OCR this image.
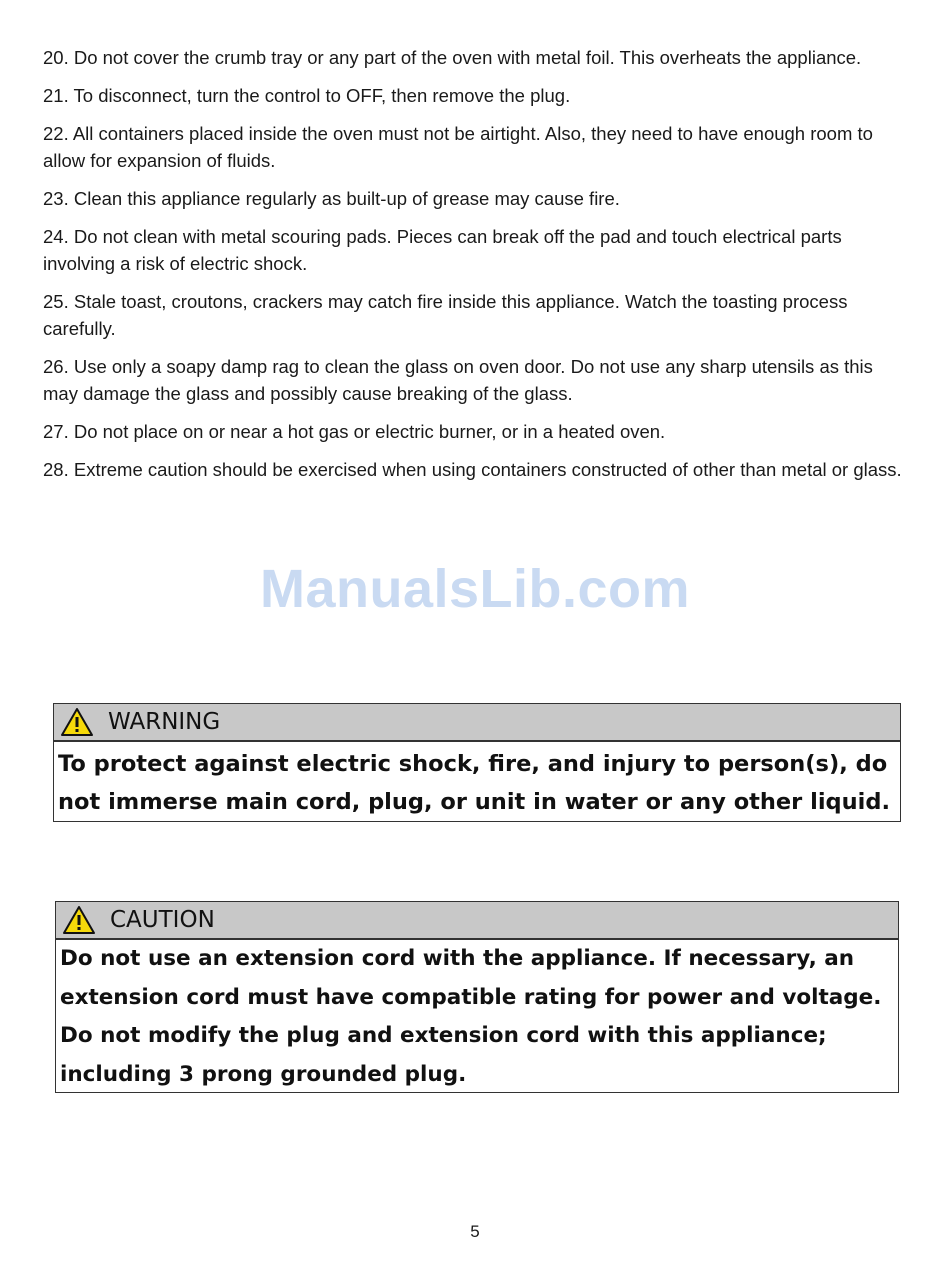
20. Do not cover the crumb tray or any part of the oven with metal foil. This overheats the appliance.

21. To disconnect, turn the control to OFF, then remove the plug.

22. All containers placed inside the oven must not be airtight. Also, they need to have enough room to allow for expansion of fluids.

23. Clean this appliance regularly as built-up of grease may cause fire.

24. Do not clean with metal scouring pads. Pieces can break off the pad and touch electrical parts involving a risk of electric shock.

25. Stale toast, croutons, crackers may catch fire inside this appliance. Watch the toasting process carefully.

26. Use only a soapy damp rag to clean the glass on oven door. Do not use any sharp utensils as this may damage the glass and possibly cause breaking of the glass.

27. Do not place on or near a hot gas or electric burner, or in a heated oven.

28. Extreme caution should be exercised when using containers constructed of other than metal or glass.

ManualsLib.com
WARNING
To protect against electric shock, fire, and injury to person(s), do not immerse main cord, plug, or unit in water or any other liquid.
CAUTION
Do not use an extension cord with the appliance. If necessary, an extension cord must have compatible rating for power and voltage. Do not modify the plug and extension cord with this appliance; including 3 prong grounded plug.
5
